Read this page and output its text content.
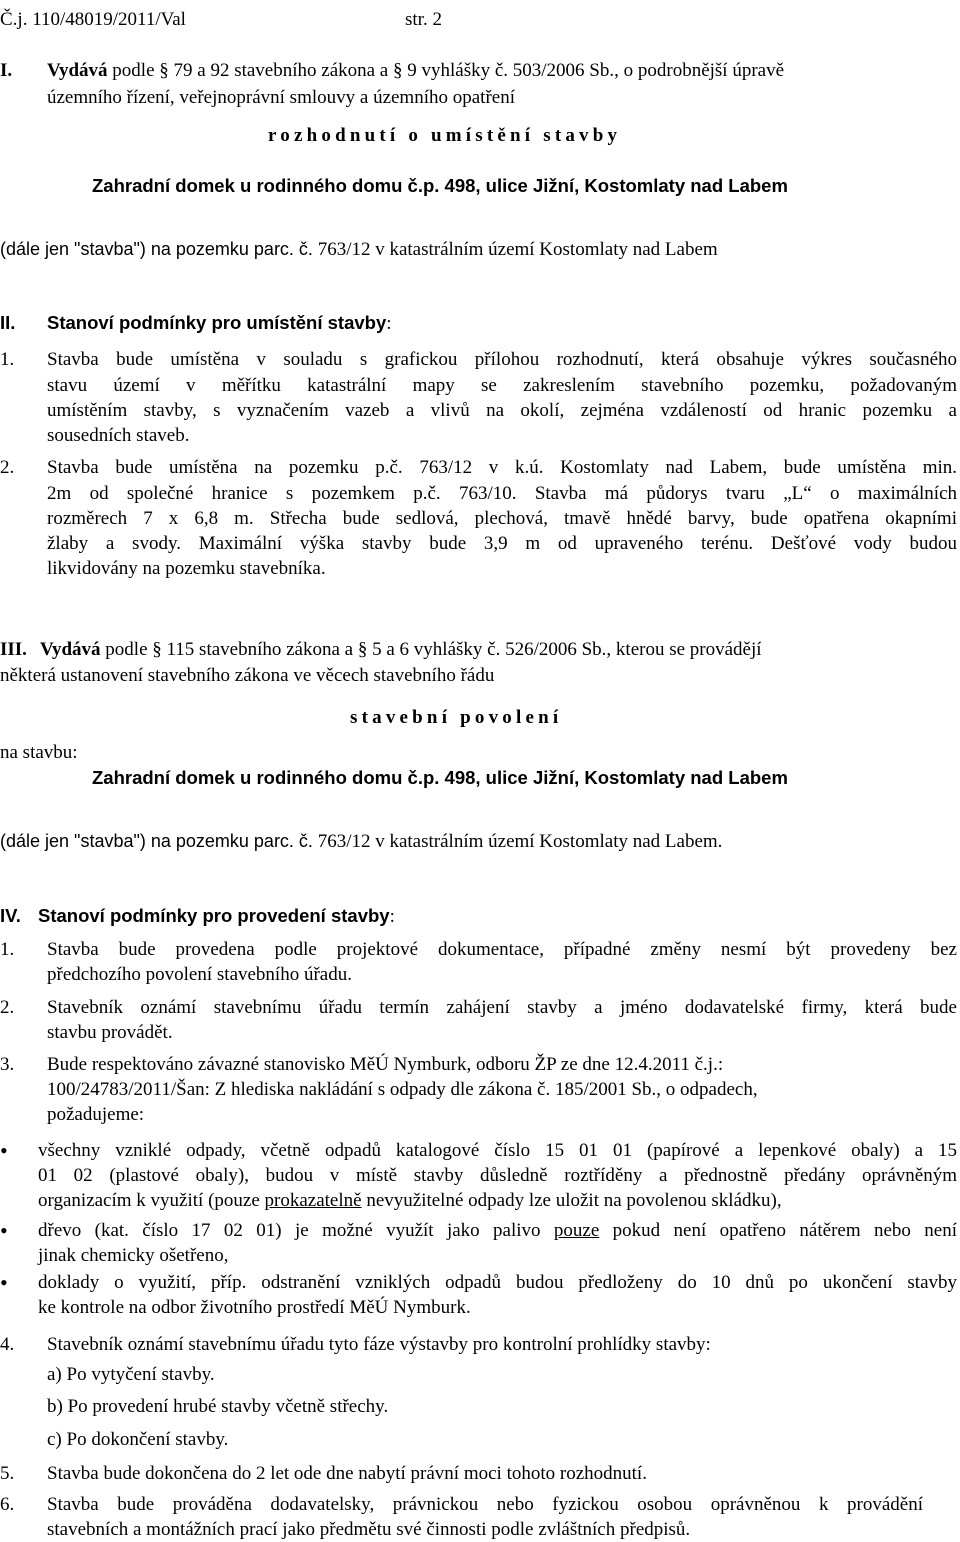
Č.j. 110/48019/2011/Val	str. 2
I. Vydává podle § 79 a 92 stavebního zákona a § 9 vyhlášky č. 503/2006 Sb., o podrobnější úpravě
územního řízení, veřejnoprávní smlouvy a územního opatření
rozhodnutí o umístění stavby
Zahradní domek u rodinného domu č.p. 498, ulice Jižní, Kostomlaty nad Labem
(dále jen "stavba") na pozemku parc. č. 763/12 v katastrálním území Kostomlaty nad Labem
II. Stanoví podmínky pro umístění stavby:
1. Stavba bude umístěna v souladu s grafickou přílohou rozhodnutí, která obsahuje výkres současného
stavu území v měřítku katastrální mapy se zakreslením stavebního pozemku, požadovaným
umístěním stavby, s vyznačením vazeb a vlivů na okolí, zejména vzdáleností od hranic pozemku a
sousedních staveb.
2. Stavba bude umístěna na pozemku p.č. 763/12 v k.ú. Kostomlaty nad Labem, bude umístěna min.
2m od společné hranice s pozemkem p.č. 763/10. Stavba má půdorys tvaru „L“ o maximálních
rozměrech 7 x 6,8 m. Střecha bude sedlová, plechová, tmavě hnědé barvy, bude opatřena okapními
žlaby a svody. Maximální výška stavby bude 3,9 m od upraveného terénu. Dešťové vody budou
likvidovány na pozemku stavebníka.
III. Vydává podle § 115 stavebního zákona a § 5 a 6 vyhlášky č. 526/2006 Sb., kterou se provádějí
některá ustanovení stavebního zákona ve věcech stavebního řádu
stavební povolení
na stavbu:
Zahradní domek u rodinného domu č.p. 498, ulice Jižní, Kostomlaty nad Labem
(dále jen "stavba") na pozemku parc. č. 763/12 v katastrálním území Kostomlaty nad Labem.
IV. Stanoví podmínky pro provedení stavby:
1. Stavba bude provedena podle projektové dokumentace, případné změny nesmí být provedeny bez
předchozího povolení stavebního úřadu.
2. Stavebník oznámí stavebnímu úřadu termín zahájení stavby a jméno dodavatelské firmy, která bude
stavbu provádět.
3. Bude respektováno závazné stanovisko MěÚ Nymburk, odboru ŽP ze dne 12.4.2011 č.j.:
100/24783/2011/Šan: Z hlediska nakládání s odpady dle zákona č. 185/2001 Sb., o odpadech,
požadujeme:
• všechny vzniklé odpady, včetně odpadů katalogové číslo 15 01 01 (papírové a lepenkové obaly) a 15
01 02 (plastové obaly), budou v místě stavby důsledně roztříděny a přednostně předány oprávněným
organizacím k využití (pouze prokazatelně nevyužitelné odpady lze uložit na povolenou skládku),
• dřevo (kat. číslo 17 02 01) je možné využít jako palivo pouze pokud není opatřeno nátěrem nebo není
jinak chemicky ošetřeno,
• doklady o využití, příp. odstranění vzniklých odpadů budou předloženy do 10 dnů po ukončení stavby
ke kontrole na odbor životního prostředí MěÚ Nymburk.
4. Stavebník oznámí stavebnímu úřadu tyto fáze výstavby pro kontrolní prohlídky stavby:
a) Po vytyčení stavby.
b) Po provedení hrubé stavby včetně střechy.
c) Po dokončení stavby.
5. Stavba bude dokončena do 2 let ode dne nabytí právní moci tohoto rozhodnutí.
6. Stavba bude prováděna dodavatelsky, právnickou nebo fyzickou osobou oprávněnou k provádění
stavebních a montážních prací jako předmětu své činnosti podle zvláštních předpisů.
